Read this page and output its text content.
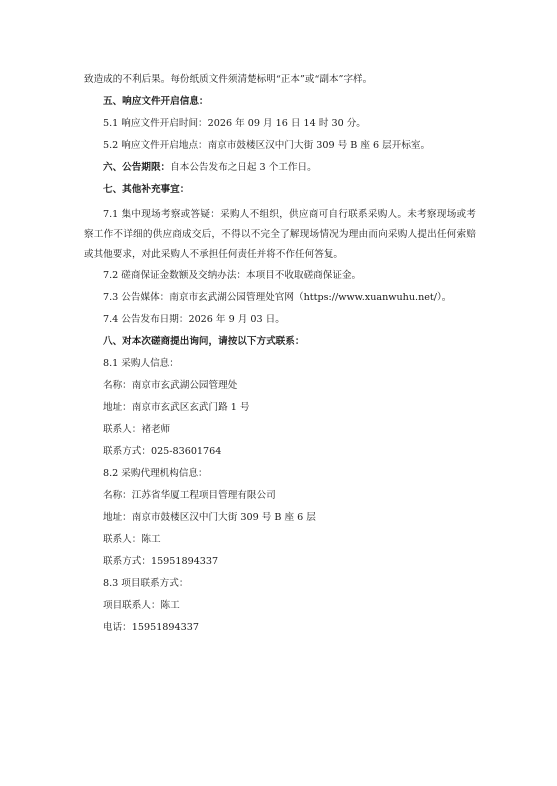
致造成的不利后果。每份纸质文件须清楚标明“正本”或“副本”字样。
五、响应文件开启信息：
5.1 响应文件开启时间：2026 年 09 月 16 日 14 时 30 分。
5.2 响应文件开启地点：南京市鼓楼区汉中门大街 309 号 B 座 6 层开标室。
六、公告期限：自本公告发布之日起 3 个工作日。
七、其他补充事宜：
7.1 集中现场考察或答疑：采购人不组织，供应商可自行联系采购人。未考察现场或考察工作不详细的供应商成交后，不得以不完全了解现场情况为理由而向采购人提出任何索赔或其他要求，对此采购人不承担任何责任并将不作任何答复。
7.2 磋商保证金数额及交纳办法：本项目不收取磋商保证金。
7.3 公告媒体：南京市玄武湖公园管理处官网（https://www.xuanwuhu.net/）。
7.4 公告发布日期：2026 年 9 月 03 日。
八、对本次磋商提出询问，请按以下方式联系：
8.1 采购人信息：
名称：南京市玄武湖公园管理处
地址：南京市玄武区玄武门路 1 号
联系人：褚老师
联系方式：025-83601764
8.2 采购代理机构信息：
名称：江苏省华厦工程项目管理有限公司
地址：南京市鼓楼区汉中门大街 309 号 B 座 6 层
联系人：陈工
联系方式：15951894337
8.3 项目联系方式：
项目联系人：陈工
电话：15951894337
